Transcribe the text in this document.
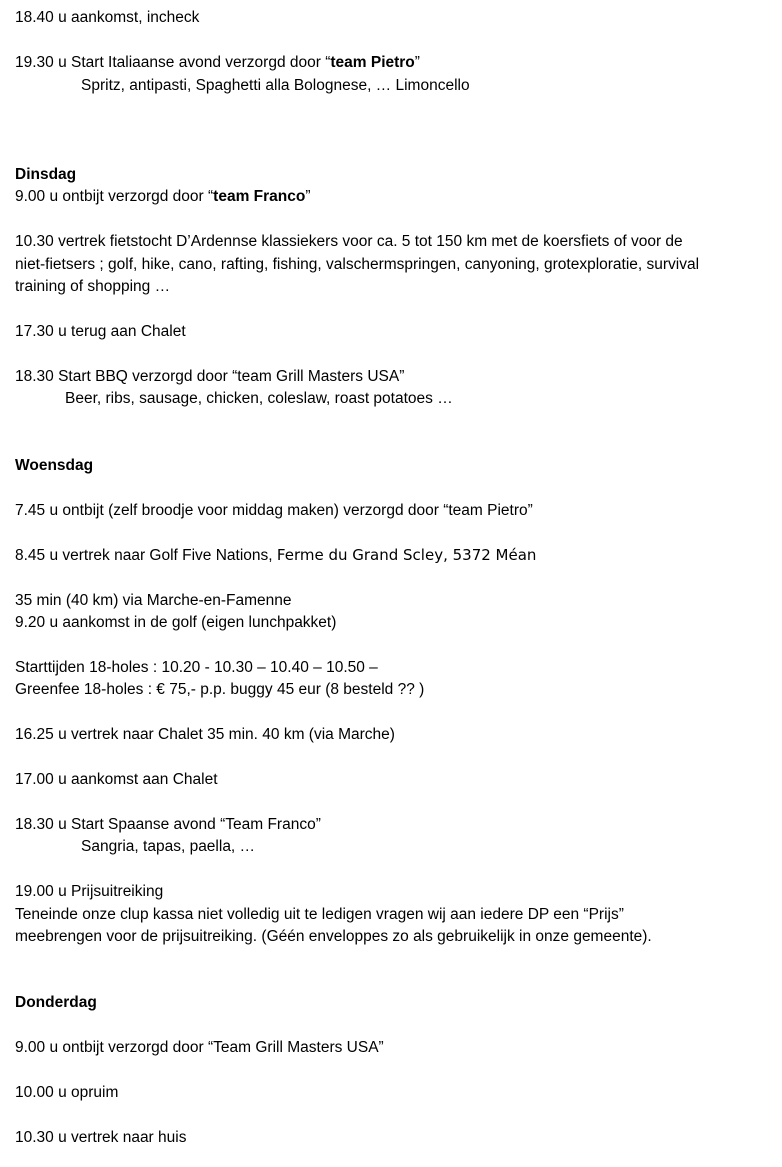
18.40 u aankomst, incheck

19.30 u Start Italiaanse avond verzorgd door “team Pietro”

Spritz, antipasti, Spaghetti alla Bolognese, … Limoncello

Dinsdag

9.00 u ontbijt verzorgd door “team Franco”

10.30 vertrek fietstocht D’Ardennse klassiekers voor ca. 5 tot 150 km met de koersfiets of voor de

niet-fietsers ; golf, hike, cano, rafting, fishing, valschermspringen, canyoning, grotexploratie, survival

training of shopping …

17.30 u terug aan Chalet

18.30 Start BBQ verzorgd door “team Grill Masters USA”

Beer, ribs, sausage, chicken, coleslaw, roast potatoes …

Woensdag

7.45 u ontbijt (zelf broodje voor middag maken) verzorgd door “team Pietro”

8.45 u vertrek naar Golf Five Nations, Ferme du Grand Scley, 5372 Méan

35 min (40 km) via Marche-en-Famenne

9.20 u aankomst in de golf (eigen lunchpakket)

Starttijden 18-holes : 10.20 - 10.30 – 10.40 – 10.50 –

Greenfee 18-holes : € 75,- p.p. buggy 45 eur (8 besteld ?? )

16.25 u vertrek naar Chalet 35 min. 40 km (via Marche)

17.00 u aankomst aan Chalet

18.30 u Start Spaanse avond “Team Franco”

Sangria, tapas, paella, …

19.00 u Prijsuitreiking

Teneinde onze clup kassa niet volledig uit te ledigen vragen wij aan iedere DP een “Prijs”

meebrengen voor de prijsuitreiking. (Géén enveloppes zo als gebruikelijk in onze gemeente).

Donderdag

9.00 u ontbijt verzorgd door “Team Grill Masters USA”

10.00 u opruim

10.30 u vertrek naar huis
